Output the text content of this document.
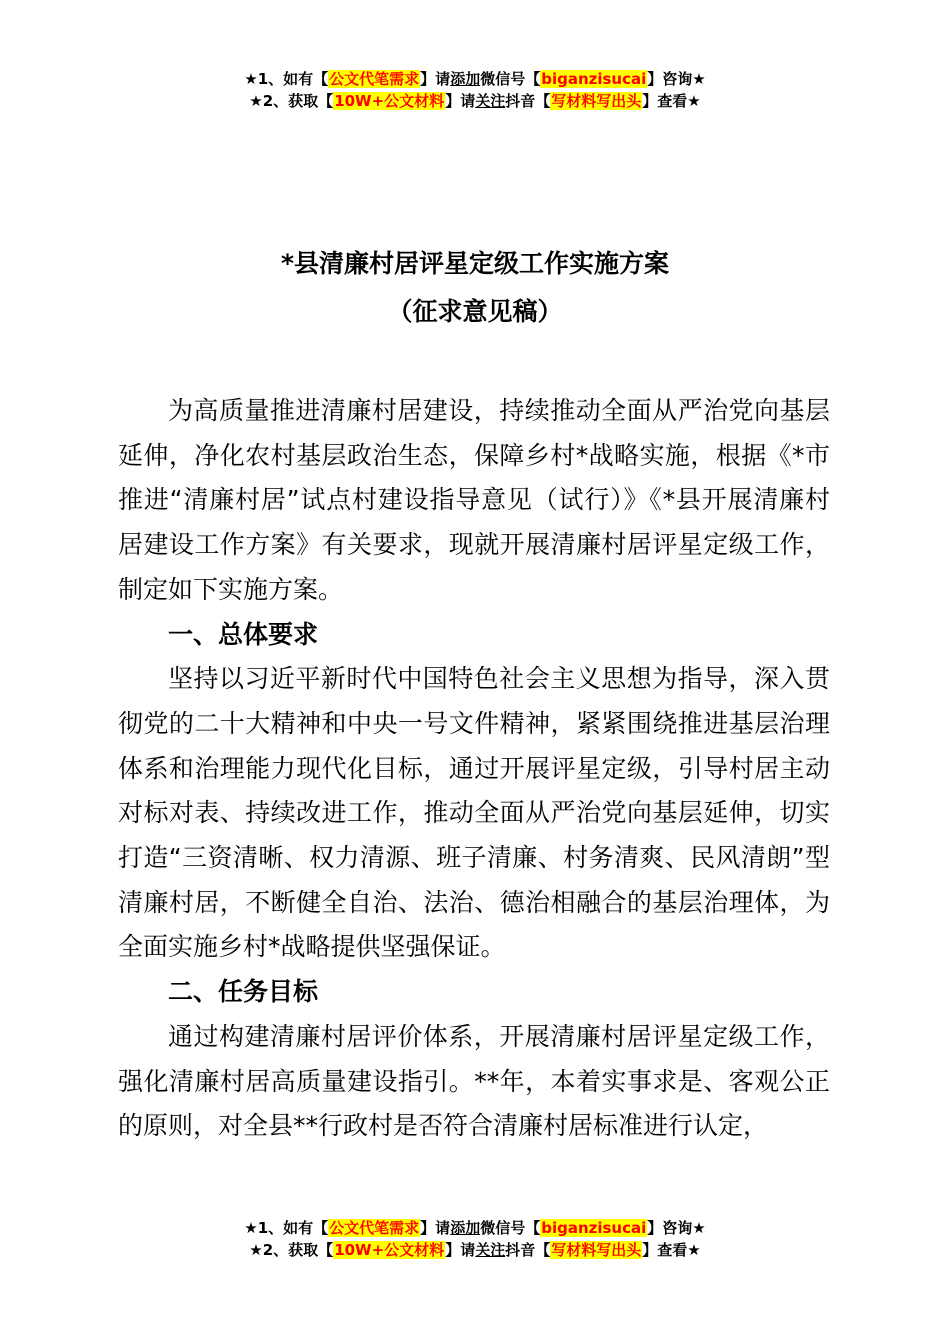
★1、如有【公文代笔需求】请添加微信号【biganzisucai】咨询★
★2、获取【10W+公文材料】请关注抖音【写材料写出头】查看★
*县清廉村居评星定级工作实施方案
（征求意见稿）

为高质量推进清廉村居建设，持续推动全面从严治党向基层延伸，净化农村基层政治生态，保障乡村*战略实施，根据《*市推进“清廉村居”试点村建设指导意见（试行）》《*县开展清廉村居建设工作方案》有关要求，现就开展清廉村居评星定级工作，制定如下实施方案。

一、总体要求

坚持以习近平新时代中国特色社会主义思想为指导，深入贯彻党的二十大精神和中央一号文件精神，紧紧围绕推进基层治理体系和治理能力现代化目标，通过开展评星定级，引导村居主动对标对表、持续改进工作，推动全面从严治党向基层延伸，切实打造“三资清晰、权力清源、班子清廉、村务清爽、民风清朗”型清廉村居，不断健全自治、法治、德治相融合的基层治理体，为全面实施乡村*战略提供坚强保证。

二、任务目标

通过构建清廉村居评价体系，开展清廉村居评星定级工作，强化清廉村居高质量建设指引。**年，本着实事求是、客观公正的原则，对全县**行政村是否符合清廉村居标准进行认定，

★1、如有【公文代笔需求】请添加微信号【biganzisucai】咨询★
★2、获取【10W+公文材料】请关注抖音【写材料写出头】查看★
